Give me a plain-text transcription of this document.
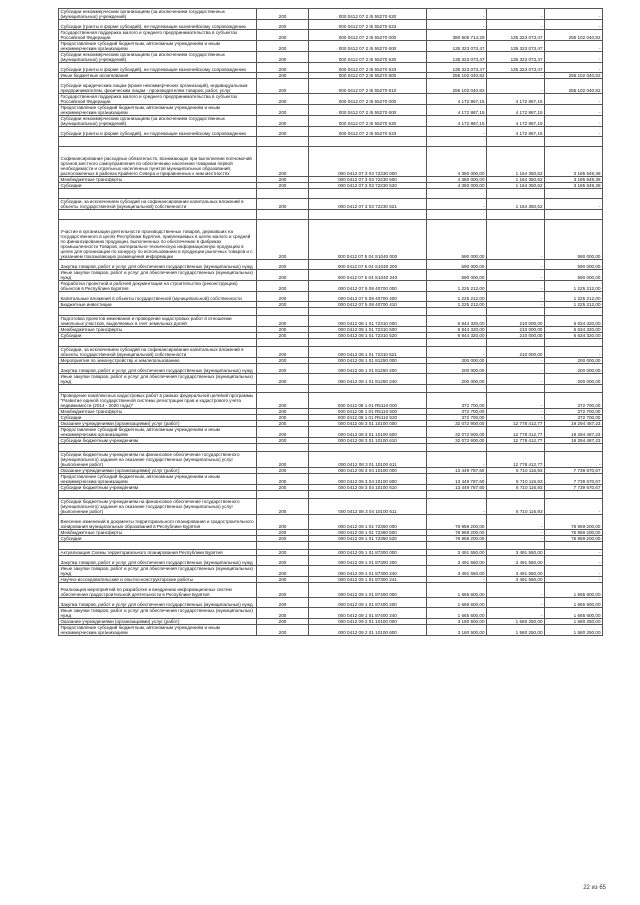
Субсидии некоммерческим организациям (за исключением государственных (муниципальных) учреждений)	200	000 0412 07 2 I5 55270 630	-	-	-
Субсидии (гранты в форме субсидий), не подлежащие казначейскому сопровождению	200	000 0412 07 2 I5 55270 633	-	-	-
Государственная поддержка малого и среднего предпринимательства в субъектах Российской Федерации	200	000 0412 07 2 I5 55270 000	380 905 714,29	135 323 073,47	255 102 040,82
Предоставление субсидий бюджетным, автономным учреждениям и иным некоммерческим организациям	200	000 0412 07 2 I5 55270 600	135 323 073,47	135 323 073,47	-
Субсидии некоммерческим организациям (за исключением государственных (муниципальных) учреждений)	200	000 0412 07 2 I5 55270 630	135 323 073,47	135 323 073,47	-
Субсидии (гранты в форме субсидий), не подлежащие казначейскому сопровождению	200	000 0412 07 2 I5 55270 633	135 323 073,47	135 323 073,47	-
Иные бюджетные ассигнования	200	000 0412 07 2 I5 55270 800	255 102 040,82	-	255 102 040,82
Субсидии юридическим лицам (кроме некоммерческих организаций), индивидуальным предпринимателям, физическим лицам - производителям товаров, работ, услуг	200	000 0412 07 2 I5 55270 810	255 102 040,82	-	255 102 040,82
Государственная поддержка малого и среднего предпринимательства в субъектах Российской Федерации	200	000 0412 07 2 I5 55270 000	4 172 867,15	4 172 867,15	-
Предоставление субсидий бюджетным, автономным учреждениям и иным некоммерческим организациям	200	000 0412 07 2 I5 55270 600	4 172 867,15	4 172 867,15	-
Субсидии некоммерческим организациям (за исключением государственных (муниципальных) учреждений)	200	000 0412 07 2 I5 55270 630	4 172 867,15	4 172 867,15	-
Субсидии (гранты в форме субсидий), не подлежащие казначейскому сопровождению	200	000 0412 07 2 I5 55270 633	-	4 172 867,15	-

Софинансирование расходных обязательств, возникающих при выполнении полномочий органов местного самоуправления по обеспечению населения товарами первой необходимости и отдельных населенных пунктов муниципальных образований, расположенных в районах Крайнего Севера и приравненных к ним местностях	200	000 0412 07 3 03 72230 000	4 350 000,00	1 164 350,62	3 185 649,38
Межбюджетные трансферты	200	000 0412 07 3 03 72230 500	4 350 000,00	1 164 350,62	3 185 649,38
Субсидии	200	000 0412 07 3 03 72230 520	4 350 000,00	1 164 350,62	3 185 649,38

Субсидии, за исключением субсидий на софинансирование капитальных вложений в объекты государственной (муниципальной) собственности	200	000 0412 07 3 03 72230 521	-	1 164 350,62	-

Участие в организации деятельности производственных товаров, державших на государственного в целях Республики Бурятия, привлекаемых в целях малого и средней по финансированию продукции, выполненных по обеспечению в фабриках промышленности Товаров, материально-техническую информационную продукцию в целях для организации по конкурсу по использованию в продукции рыночных товаров и с указанием показывающих размещения информации	200	000 0412 07 5 04 S1040 000	590 000,00	-	590 000,00
Закупка товаров, работ и услуг для обеспечения государственных (муниципальных) нужд	200	000 0412 07 5 04 S1040 200	590 000,00	-	590 000,00
Иные закупки товаров, работ и услуг для обеспечения государственных (муниципальных) нужд	200	000 0412 07 5 04 S1040 240	590 000,00	-	590 000,00
Разработка проектной и рабочей документации на строительство (реконструкцию) объектов в Республике Бурятия	200	000 0412 07 5 08 40700 000	1 225 212,00	-	1 225 212,00
Капитальные вложения в объекты государственной (муниципальной) собственности	200	000 0412 07 5 08 40700 400	1 225 212,00	-	1 225 212,00
Бюджетные инвестиции	200	000 0412 07 5 08 40700 410	1 225 212,00	-	1 225 212,00

Подготовка проектов межевания и проведение кадастровых работ в отношении земельных участков, выделяемых в счет земельных долей	200	000 0412 08 1 01 72310 000	6 844 320,00	210 000,00	6 634 320,00
Межбюджетные трансферты	200	000 0412 08 1 01 72310 500	6 844 320,00	210 000,00	6 634 320,00
Субсидии	200	000 0412 08 1 01 72310 520	6 844 320,00	210 000,00	6 634 320,00

Субсидии, за исключением субсидий на софинансирование капитальных вложений в объекты государственной (муниципальной) собственности	200	000 0412 08 1 01 72310 521	-	210 000,00	-
Мероприятия по землеустройству и землепользованию	200	000 0412 08 1 01 81250 000	200 000,00	-	200 000,00
Закупка товаров, работ и услуг для обеспечения государственных (муниципальных) нужд	200	000 0412 08 1 01 81250 200	200 000,00	-	200 000,00
Иные закупки товаров, работ и услуг для обеспечения государственных (муниципальных) нужд	200	000 0412 08 1 01 81250 240	200 000,00	-	200 000,00

Проведение комплексных кадастровых работ в рамках федеральной целевой программы "Развитие единой государственной системы регистрации прав и кадастрового учета недвижимости (2014 - 2020 годы)"	200	000 0412 08 1 01 R5110 000	372 700,00	-	372 700,00
Межбюджетные трансферты	200	000 0412 08 1 01 R5110 500	372 700,00	-	372 700,00
Субсидии	200	000 0412 08 1 01 R5110 520	372 700,00	-	372 700,00
Оказание учреждениями (организациями) услуг (работ)	200	000 0412 08 3 01 10100 000	32 072 900,00	12 778 412,77	19 294 487,23
Предоставление субсидий бюджетным, автономным учреждениям и иным некоммерческим организациям	200	000 0412 08 3 01 10100 600	32 072 900,00	12 778 412,77	19 294 487,23
Субсидии бюджетным учреждениям	200	000 0412 08 3 01 10100 610	32 072 900,00	12 778 412,77	19 294 487,23

Субсидии бюджетным учреждениям на финансовое обеспечение государственного (муниципального) задания на оказание государственных (муниципальных) услуг (выполнение работ)	200	000 0412 08 3 01 10100 611	-	12 778 412,77	-
Оказание учреждениями (организациями) услуг (работ)	200	000 0412 08 3 04 10100 000	13 449 787,60	5 710 116,93	7 739 670,67
Предоставление субсидий бюджетным, автономным учреждениям и иным некоммерческим организациям	200	000 0412 08 3 04 10100 600	13 449 787,60	5 710 116,93	7 739 670,67
Субсидии бюджетным учреждениям	200	000 0412 08 3 04 10100 610	13 449 787,60	5 710 116,93	7 739 670,67

Субсидии бюджетным учреждениям на финансовое обеспечение государственного (муниципального) задания на оказание государственных (муниципальных) услуг (выполнение работ)	200	000 0412 08 3 04 10100 611	-	5 710 116,93	-
Внесение изменений в документы территориального планирования и градостроительного зонирования муниципальных образований в Республике Бурятия	200	000 0412 09 1 01 72360 000	76 959 200,00	-	76 959 200,00
Межбюджетные трансферты	200	000 0412 09 1 01 72360 500	76 959 200,00	-	76 959 200,00
Субсидии	200	000 0412 09 1 01 72360 520	76 959 200,00	-	76 959 200,00

Актуализация Схемы территориального планирования Республики Бурятия	200	000 0412 09 1 01 87300 000	3 491 550,00	3 491 550,00	-
Закупка товаров, работ и услуг для обеспечения государственных (муниципальных) нужд	200	000 0412 09 1 01 87300 200	3 491 550,00	3 491 550,00	-
Иные закупки товаров, работ и услуг для обеспечения государственных (муниципальных) нужд	200	000 0412 09 1 01 87300 240	3 491 550,00	3 491 550,00	-
Научно-исследовательские и опытно-конструкторские работы	200	000 0412 09 1 01 87300 241	-	3 491 550,00	-
Реализация мероприятий по разработке и внедрению информационных систем обеспечения градостроительной деятельности в Республике Бурятия	200	000 0412 09 1 01 87400 000	1 665 600,00	-	1 665 600,00
Закупка товаров, работ и услуг для обеспечения государственных (муниципальных) нужд	200	000 0412 09 1 01 87400 200	1 665 600,00	-	1 665 600,00
Иные закупки товаров, работ и услуг для обеспечения государственных (муниципальных) нужд	200	000 0412 09 1 01 87400 240	1 665 600,00	-	1 665 600,00
Оказание учреждениями (организациями) услуг (работ)	200	000 0412 09 2 01 10100 000	3 160 500,00	1 580 250,00	1 580 250,00
Предоставление субсидий бюджетным, автономным учреждениям и иным некоммерческим организациям	200	000 0412 09 2 01 10100 600	3 160 500,00	1 580 250,00	1 580 250,00
22 из 65
